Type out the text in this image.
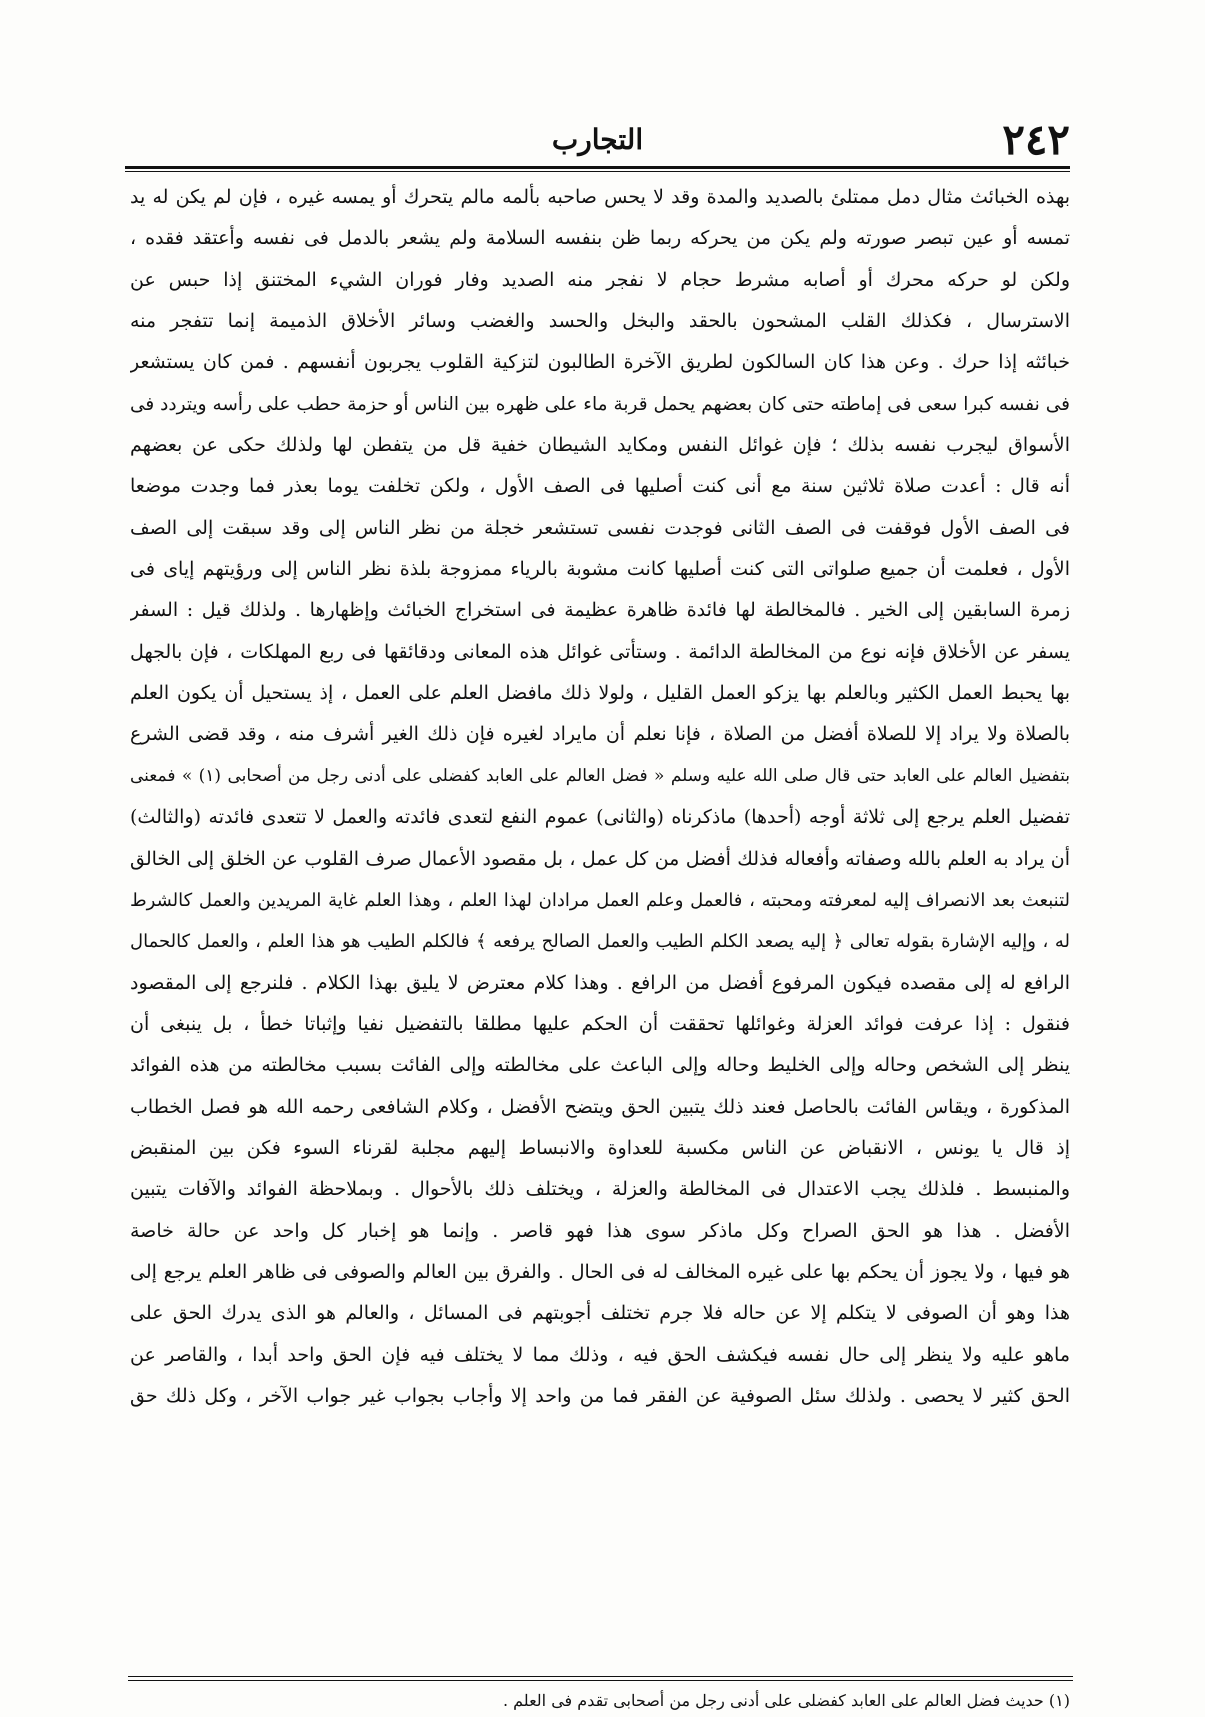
٢٤٢
التجارب
بهذه الخبائث مثال دمل ممتلئ بالصديد والمدة وقد لا يحس صاحبه بألمه مالم يتحرك أو يمسه غيره ، فإن لم يكن له يد
تمسه أو عين تبصر صورته ولم يكن من يحركه ربما ظن بنفسه السلامة ولم يشعر بالدمل فى نفسه وأعتقد فقده ،
ولكن لو حركه محرك أو أصابه مشرط حجام لا نفجر منه الصديد وفار فوران الشيء المختنق إذا حبس عن
الاسترسال ، فكذلك القلب المشحون بالحقد والبخل والحسد والغضب وسائر الأخلاق الذميمة إنما تتفجر منه
خبائثه إذا حرك . وعن هذا كان السالكون لطريق الآخرة الطالبون لتزكية القلوب يجربون أنفسهم . فمن كان يستشعر
فى نفسه كبرا سعى فى إماطته حتى كان بعضهم يحمل قربة ماء على ظهره بين الناس أو حزمة حطب على رأسه ويتردد فى
الأسواق ليجرب نفسه بذلك ؛ فإن غوائل النفس ومكايد الشيطان خفية قل من يتفطن لها ولذلك حكى عن بعضهم
أنه قال : أعدت صلاة ثلاثين سنة مع أنى كنت أصليها فى الصف الأول ، ولكن تخلفت يوما بعذر فما وجدت موضعا
فى الصف الأول فوقفت فى الصف الثانى فوجدت نفسى تستشعر خجلة من نظر الناس إلى وقد سبقت إلى الصف
الأول ، فعلمت أن جميع صلواتى التى كنت أصليها كانت مشوبة بالرياء ممزوجة بلذة نظر الناس إلى ورؤيتهم إياى فى
زمرة السابقين إلى الخير . فالمخالطة لها فائدة ظاهرة عظيمة فى استخراج الخبائث وإظهارها . ولذلك قيل : السفر
يسفر عن الأخلاق فإنه نوع من المخالطة الدائمة . وستأتى غوائل هذه المعانى ودقائقها فى ربع المهلكات ، فإن بالجهل
بها يحبط العمل الكثير وبالعلم بها يزكو العمل القليل ، ولولا ذلك مافضل العلم على العمل ، إذ يستحيل أن يكون العلم
بالصلاة ولا يراد إلا للصلاة أفضل من الصلاة ، فإنا نعلم أن مايراد لغيره فإن ذلك الغير أشرف منه ، وقد قضى الشرع
بتفضيل العالم على العابد حتى قال صلى الله عليه وسلم « فضل العالم على العابد كفضلى على أدنى رجل من أصحابى (١) » فمعنى
تفضيل العلم يرجع إلى ثلاثة أوجه (أحدها) ماذكرناه (والثانى) عموم النفع لتعدى فائدته والعمل لا تتعدى فائدته (والثالث)
أن يراد به العلم بالله وصفاته وأفعاله فذلك أفضل من كل عمل ، بل مقصود الأعمال صرف القلوب عن الخلق إلى الخالق
لتنبعث بعد الانصراف إليه لمعرفته ومحبته ، فالعمل وعلم العمل مرادان لهذا العلم ، وهذا العلم غاية المريدين والعمل كالشرط
له ، وإليه الإشارة بقوله تعالى ﴿ إليه يصعد الكلم الطيب والعمل الصالح يرفعه ﴾ فالكلم الطيب هو هذا العلم ، والعمل كالحمال
الرافع له إلى مقصده فيكون المرفوع أفضل من الرافع . وهذا كلام معترض لا يليق بهذا الكلام . فلنرجع إلى المقصود
فنقول : إذا عرفت فوائد العزلة وغوائلها تحققت أن الحكم عليها مطلقا بالتفضيل نفيا وإثباتا خطأ ، بل ينبغى أن
ينظر إلى الشخص وحاله وإلى الخليط وحاله وإلى الباعث على مخالطته وإلى الفائت بسبب مخالطته من هذه الفوائد
المذكورة ، ويقاس الفائت بالحاصل فعند ذلك يتبين الحق ويتضح الأفضل ، وكلام الشافعى رحمه الله هو فصل الخطاب
إذ قال يا يونس ، الانقباض عن الناس مكسبة للعداوة والانبساط إليهم مجلبة لقرناء السوء فكن بين المنقبض
والمنبسط . فلذلك يجب الاعتدال فى المخالطة والعزلة ، ويختلف ذلك بالأحوال . وبملاحظة الفوائد والآفات يتبين
الأفضل . هذا هو الحق الصراح وكل ماذكر سوى هذا فهو قاصر . وإنما هو إخبار كل واحد عن حالة خاصة
هو فيها ، ولا يجوز أن يحكم بها على غيره المخالف له فى الحال . والفرق بين العالم والصوفى فى ظاهر العلم يرجع إلى
هذا وهو أن الصوفى لا يتكلم إلا عن حاله فلا جرم تختلف أجوبتهم فى المسائل ، والعالم هو الذى يدرك الحق على
ماهو عليه ولا ينظر إلى حال نفسه فيكشف الحق فيه ، وذلك مما لا يختلف فيه فإن الحق واحد أبدا ، والقاصر عن
الحق كثير لا يحصى . ولذلك سئل الصوفية عن الفقر فما من واحد إلا وأجاب بجواب غير جواب الآخر ، وكل ذلك حق
(١) حديث فضل العالم على العابد كفضلى على أدنى رجل من أصحابى تقدم فى العلم .
